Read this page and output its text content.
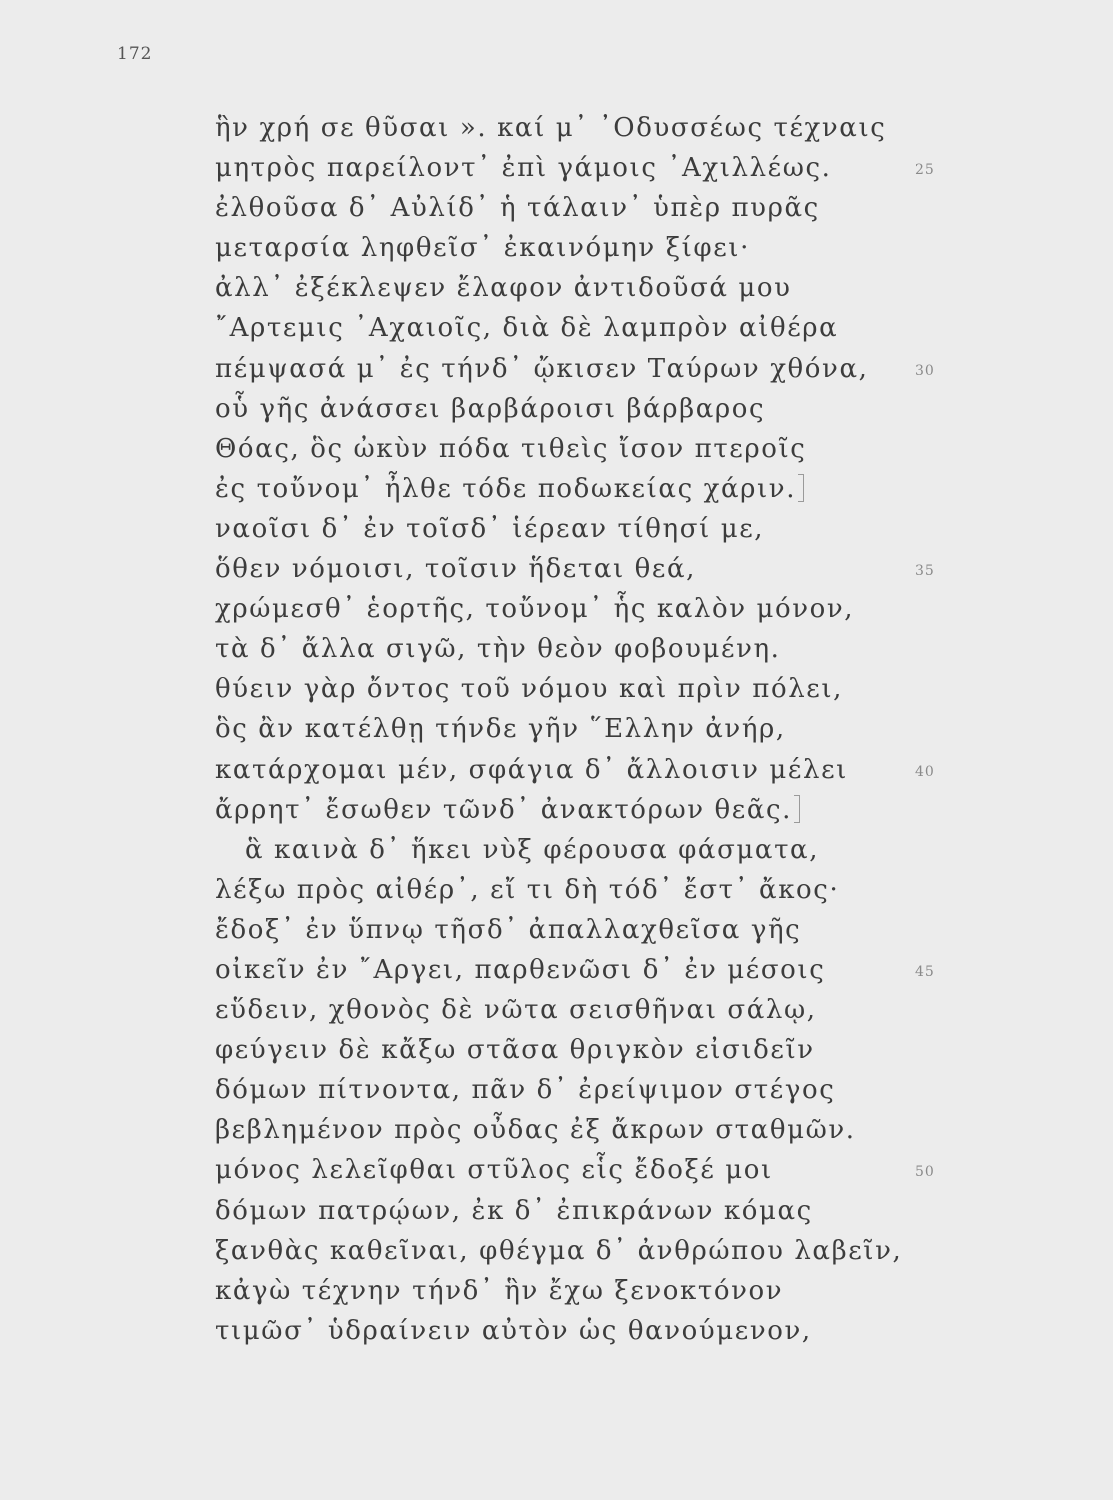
172
ἣν χρή σε θῦσαι ». καί μ᾽ ᾿Οδυσσέως τέχναις
μητρὸς παρείλοντ᾽ ἐπὶ γάμοις ᾿Αχιλλέως.	25
ἐλθοῦσα δ᾽ Αὐλίδ᾽ ἡ τάλαιν᾽ ὑπὲρ πυρᾶς
μεταρσία ληφθεῖσ᾽ ἐκαινόμην ξίφει·
ἀλλ᾽ ἐξέκλεψεν ἔλαφον ἀντιδοῦσά μου
῎Αρτεμις ᾿Αχαιοῖς, διὰ δὲ λαμπρὸν αἰθέρα
πέμψασά μ᾽ ἐς τήνδ᾽ ᾤκισεν Ταύρων χθόνα,	30
οὗ γῆς ἀνάσσει βαρβάροισι βάρβαρος
Θόας, ὃς ὠκὺν πόδα τιθεὶς ἴσον πτεροῖς
ἐς τοὔνομ᾽ ἦλθε τόδε ποδωκείας χάριν.
ναοῖσι δ᾽ ἐν τοῖσδ᾽ ἱέρεαν τίθησί με,
ὅθεν νόμοισι, τοῖσιν ἥδεται θεά,	35
χρώμεσθ᾽ ἑορτῆς, τοὔνομ᾽ ἧς καλὸν μόνον,
τὰ δ᾽ ἄλλα σιγῶ, τὴν θεὸν φοβουμένη.
θύειν γὰρ ὄντος τοῦ νόμου καὶ πρὶν πόλει,
ὃς ἂν κατέλθῃ τήνδε γῆν ῞Ελλην ἀνήρ,
κατάρχομαι μέν, σφάγια δ᾽ ἄλλοισιν μέλει	40
ἄρρητ᾽ ἔσωθεν τῶνδ᾽ ἀνακτόρων θεᾶς.
ἃ καινὰ δ᾽ ἥκει νὺξ φέρουσα φάσματα,
λέξω πρὸς αἰθέρ᾽, εἴ τι δὴ τόδ᾽ ἔστ᾽ ἄκος·
ἔδοξ᾽ ἐν ὕπνῳ τῆσδ᾽ ἀπαλλαχθεῖσα γῆς
οἰκεῖν ἐν ῎Αργει, παρθενῶσι δ᾽ ἐν μέσοις	45
εὕδειν, χθονὸς δὲ νῶτα σεισθῆναι σάλῳ,
φεύγειν δὲ κἄξω στᾶσα θριγκὸν εἰσιδεῖν
δόμων πίτνοντα, πᾶν δ᾽ ἐρείψιμον στέγος
βεβλημένον πρὸς οὖδας ἐξ ἄκρων σταθμῶν.
μόνος λελεῖφθαι στῦλος εἷς ἔδοξέ μοι	50
δόμων πατρῴων, ἐκ δ᾽ ἐπικράνων κόμας
ξανθὰς καθεῖναι, φθέγμα δ᾽ ἀνθρώπου λαβεῖν,
κἀγὼ τέχνην τήνδ᾽ ἣν ἔχω ξενοκτόνον
τιμῶσ᾽ ὑδραίνειν αὐτὸν ὡς θανούμενον,
